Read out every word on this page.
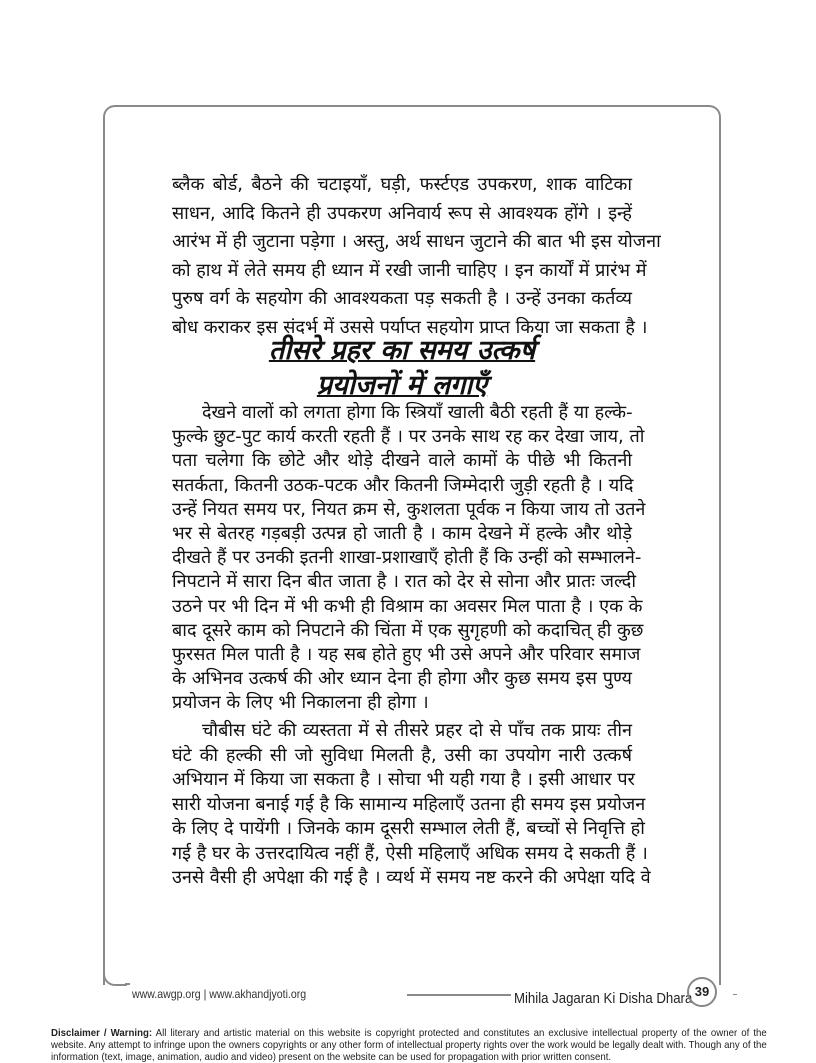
ब्लैक बोर्ड, बैठने की चटाइयाँ, घड़ी, फर्स्टएड उपकरण, शाक वाटिका
साधन, आदि कितने ही उपकरण अनिवार्य रूप से आवश्यक होंगे । इन्हें
आरंभ में ही जुटाना पड़ेगा । अस्तु, अर्थ साधन जुटाने की बात भी इस योजना
को हाथ में लेते समय ही ध्यान में रखी जानी चाहिए । इन कार्यों में प्रारंभ में
पुरुष वर्ग के सहयोग की आवश्यकता पड़ सकती है । उन्हें उनका कर्तव्य
बोध कराकर इस संदर्भ में उससे पर्याप्त सहयोग प्राप्त किया जा सकता है ।
तीसरे प्रहर का समय उत्कर्ष
प्रयोजनों में लगाएँ
देखने वालों को लगता होगा कि स्त्रियाँ खाली बैठी रहती हैं या हल्के-
फुल्के छुट-पुट कार्य करती रहती हैं । पर उनके साथ रह कर देखा जाय, तो
पता चलेगा कि छोटे और थोड़े दीखने वाले कामों के पीछे भी कितनी
सतर्कता, कितनी उठक-पटक और कितनी जिम्मेदारी जुड़ी रहती है । यदि
उन्हें नियत समय पर, नियत क्रम से, कुशलता पूर्वक न किया जाय तो उतने
भर से बेतरह गड़बड़ी उत्पन्न हो जाती है । काम देखने में हल्के और थोड़े
दीखते हैं पर उनकी इतनी शाखा-प्रशाखाएँ होती हैं कि उन्हीं को सम्भालने-
निपटाने में सारा दिन बीत जाता है । रात को देर से सोना और प्रातः जल्दी
उठने पर भी दिन में भी कभी ही विश्राम का अवसर मिल पाता है । एक के
बाद दूसरे काम को निपटाने की चिंता में एक सुगृहणी को कदाचित् ही कुछ
फुरसत मिल पाती है । यह सब होते हुए भी उसे अपने और परिवार समाज
के अभिनव उत्कर्ष की ओर ध्यान देना ही होगा और कुछ समय इस पुण्य
प्रयोजन के लिए भी निकालना ही होगा ।
चौबीस घंटे की व्यस्तता में से तीसरे प्रहर दो से पाँच तक प्रायः तीन
घंटे की हल्की सी जो सुविधा मिलती है, उसी का उपयोग नारी उत्कर्ष
अभियान में किया जा सकता है । सोचा भी यही गया है । इसी आधार पर
सारी योजना बनाई गई है कि सामान्य महिलाएँ उतना ही समय इस प्रयोजन
के लिए दे पायेंगी । जिनके काम दूसरी सम्भाल लेती हैं, बच्चों से निवृत्ति हो
गई है घर के उत्तरदायित्व नहीं हैं, ऐसी महिलाएँ अधिक समय दे सकती हैं ।
उनसे वैसी ही अपेक्षा की गई है । व्यर्थ में समय नष्ट करने की अपेक्षा यदि वे
www.awgp.org | www.akhandjyoti.org	Mihila Jagaran Ki Disha Dhara 39
Disclaimer / Warning: All literary and artistic material on this website is copyright protected and constitutes an exclusive intellectual property of the owner of the website. Any attempt to infringe upon the owners copyrights or any other form of intellectual property rights over the work would be legally dealt with. Though any of the information (text, image, animation, audio and video) present on the website can be used for propagation with prior written consent.
